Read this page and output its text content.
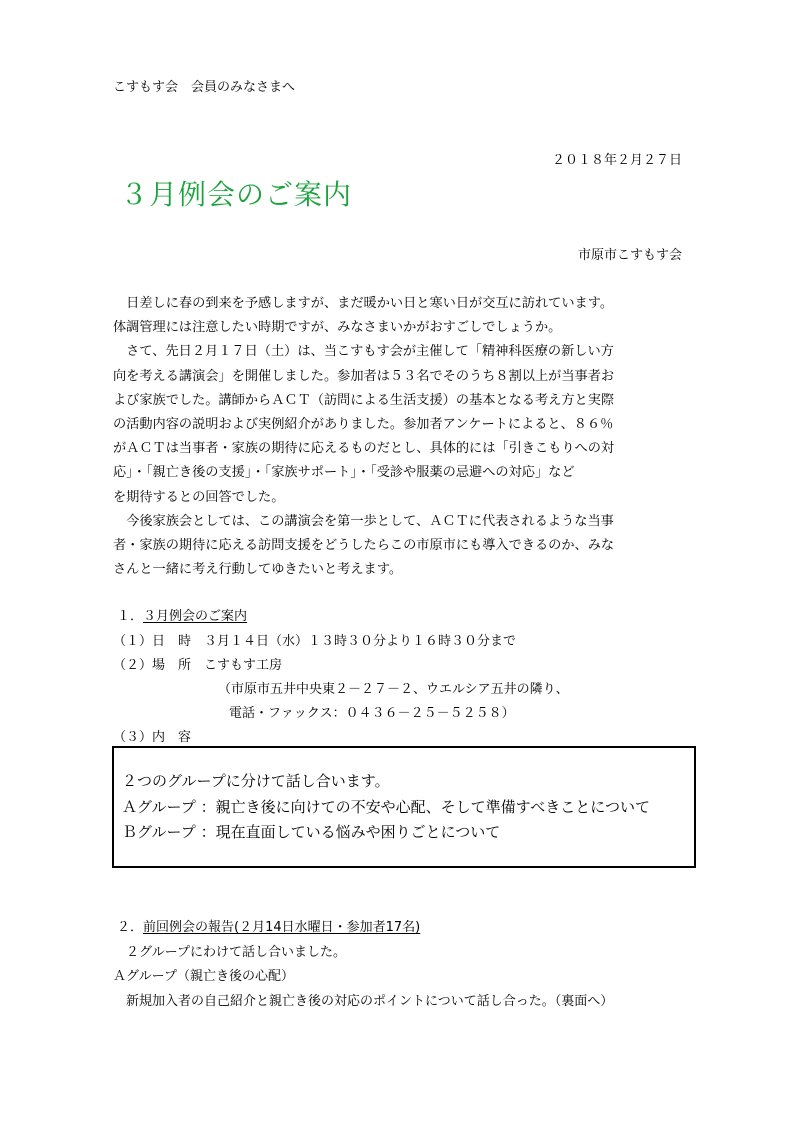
こすもす会　会員のみなさまへ
２０１８年２月２７日
３月例会のご案内
市原市こすもす会
　日差しに春の到来を予感しますが、まだ暖かい日と寒い日が交互に訪れています。
体調管理には注意したい時期ですが、みなさまいかがおすごしでしょうか。
　さて、先日２月１７日（土）は、当こすもす会が主催して「精神科医療の新しい方
向を考える講演会」を開催しました。参加者は５３名でそのうち８割以上が当事者お
よび家族でした。講師からＡＣＴ（訪問による生活支援）の基本となる考え方と実際
の活動内容の説明および実例紹介がありました。参加者アンケートによると、８６％
がＡＣＴは当事者・家族の期待に応えるものだとし、具体的には「引きこもりへの対
応」・「親亡き後の支援」・「家族サポート」・「受診や服薬の忌避への対応」など
を期待するとの回答でした。
　今後家族会としては、この講演会を第一歩として、ＡＣＴに代表されるような当事
者・家族の期待に応える訪問支援をどうしたらこの市原市にも導入できるのか、みな
さんと一緒に考え行動してゆきたいと考えます。
１．３月例会のご案内
（１）日　時　 ３月１４日（水）１３時３０分より１６時３０分まで
（２）場　所　 こすもす工房
（市原市五井中央東２－２７－２、ウエルシア五井の隣り、
電話・ファックス：０４３６－２５－５２５８）
（３）内　容
２つのグループに分けて話し合います。
Ａグループ ：親亡き後に向けての不安や心配、そして準備すべきことについて
Ｂグループ ：現在直面している悩みや困りごとについて
２．前回例会の報告(２月14日水曜日・参加者17名)
　２グループにわけて話し合いました。
Ａグループ（親亡き後の心配）
　新規加入者の自己紹介と親亡き後の対応のポイントについて話し合った。（裏面へ）
